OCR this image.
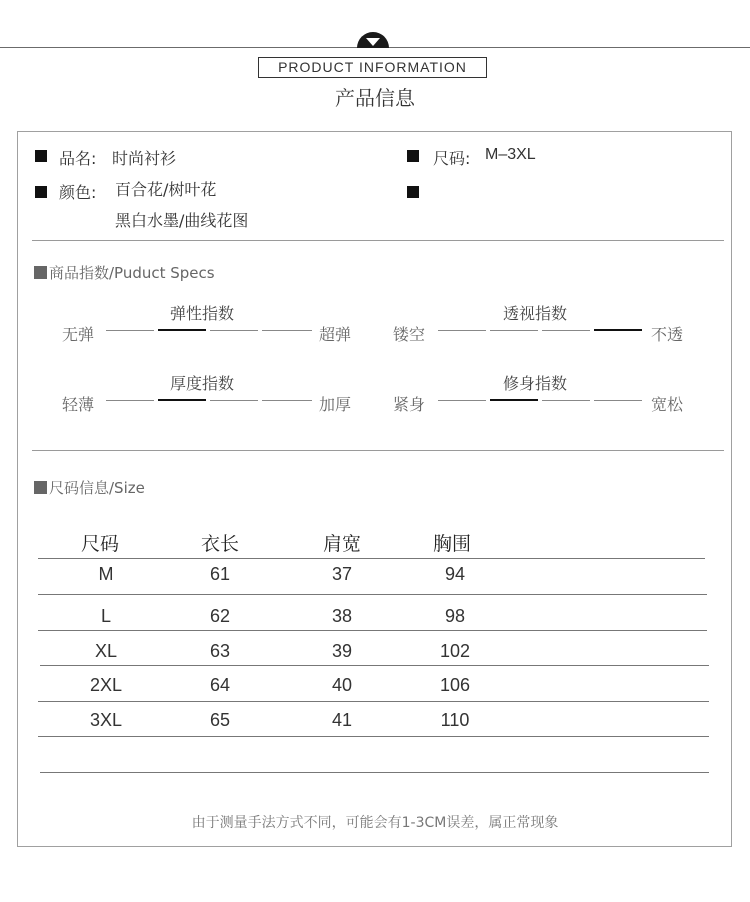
PRODUCT INFORMATION
产品信息
品名: 时尚衬衫	尺码: M–3XL
颜色: 百合花/树叶花
黑白水墨/曲线花图
商品指数/Puduct Specs
弹性指数
无弹	超弹
透视指数
镂空	不透
厚度指数
轻薄	加厚
修身指数
紧身	宽松
尺码信息/Size
尺码	衣长	肩宽	胸围
M	61	37	94
L	62	38	98
XL	63	39	102
2XL	64	40	106
3XL	65	41	110
由于测量手法方式不同，可能会有1-3CM误差，属正常现象
